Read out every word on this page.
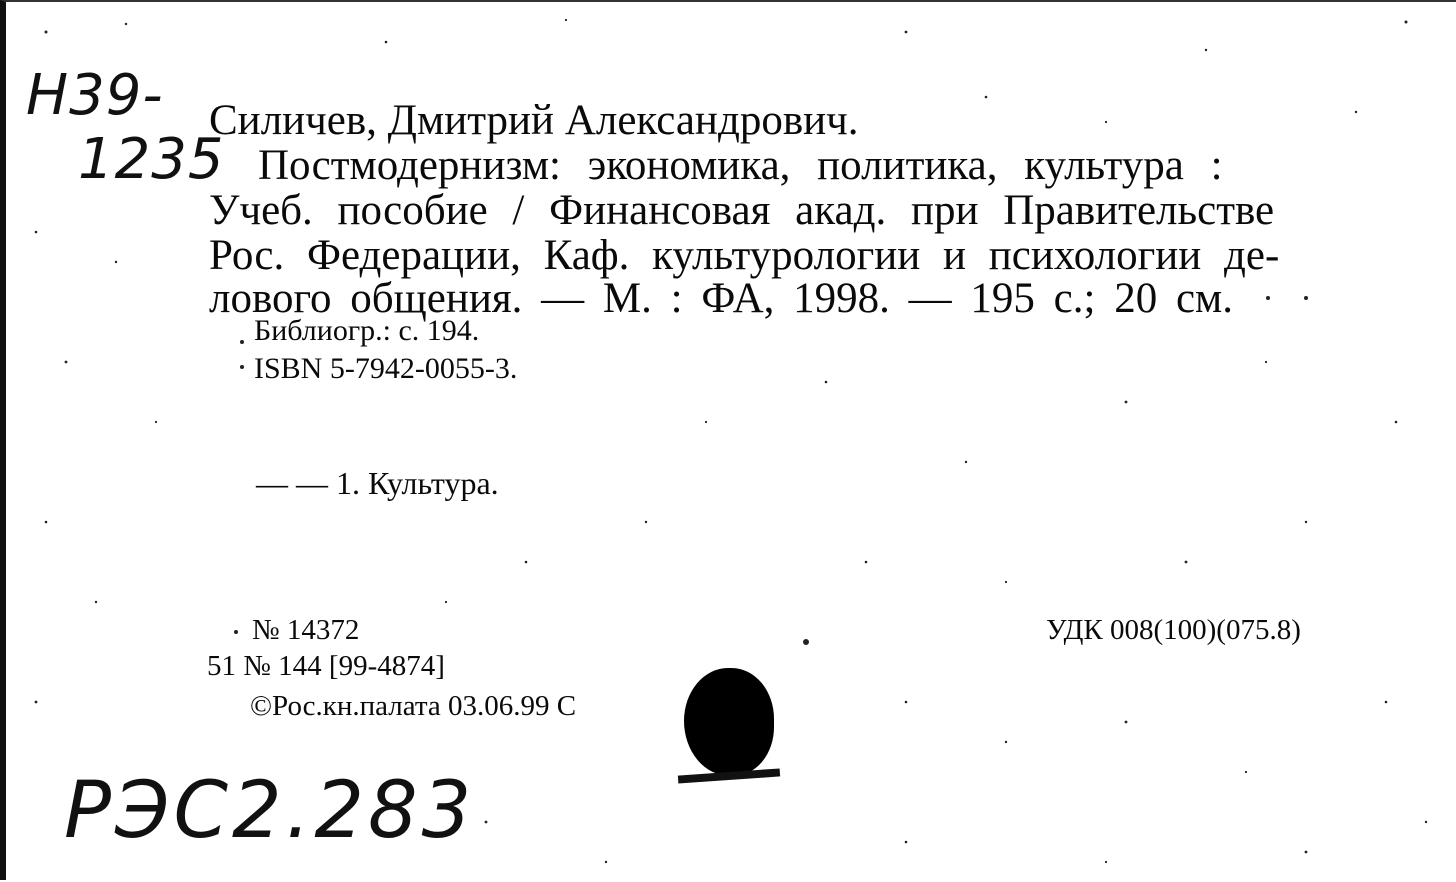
Н39-
1235
Силичев, Дмитрий Александрович.
Постмодернизм: экономика, политика, культура :
Учеб. пособие / Финансовая акад. при Правительстве
Рос. Федерации, Каф. культурологии и психологии де-
лового общения. — М. : ФА, 1998. — 195 с.; 20 см.
Библиогр.: с. 194.
ISBN 5-7942-0055-3.
— — 1. Культура.
№ 14372
51 № 144 [99-4874]
©Рос.кн.палата 03.06.99 С
УДК 008(100)(075.8)
РЭС2.283
